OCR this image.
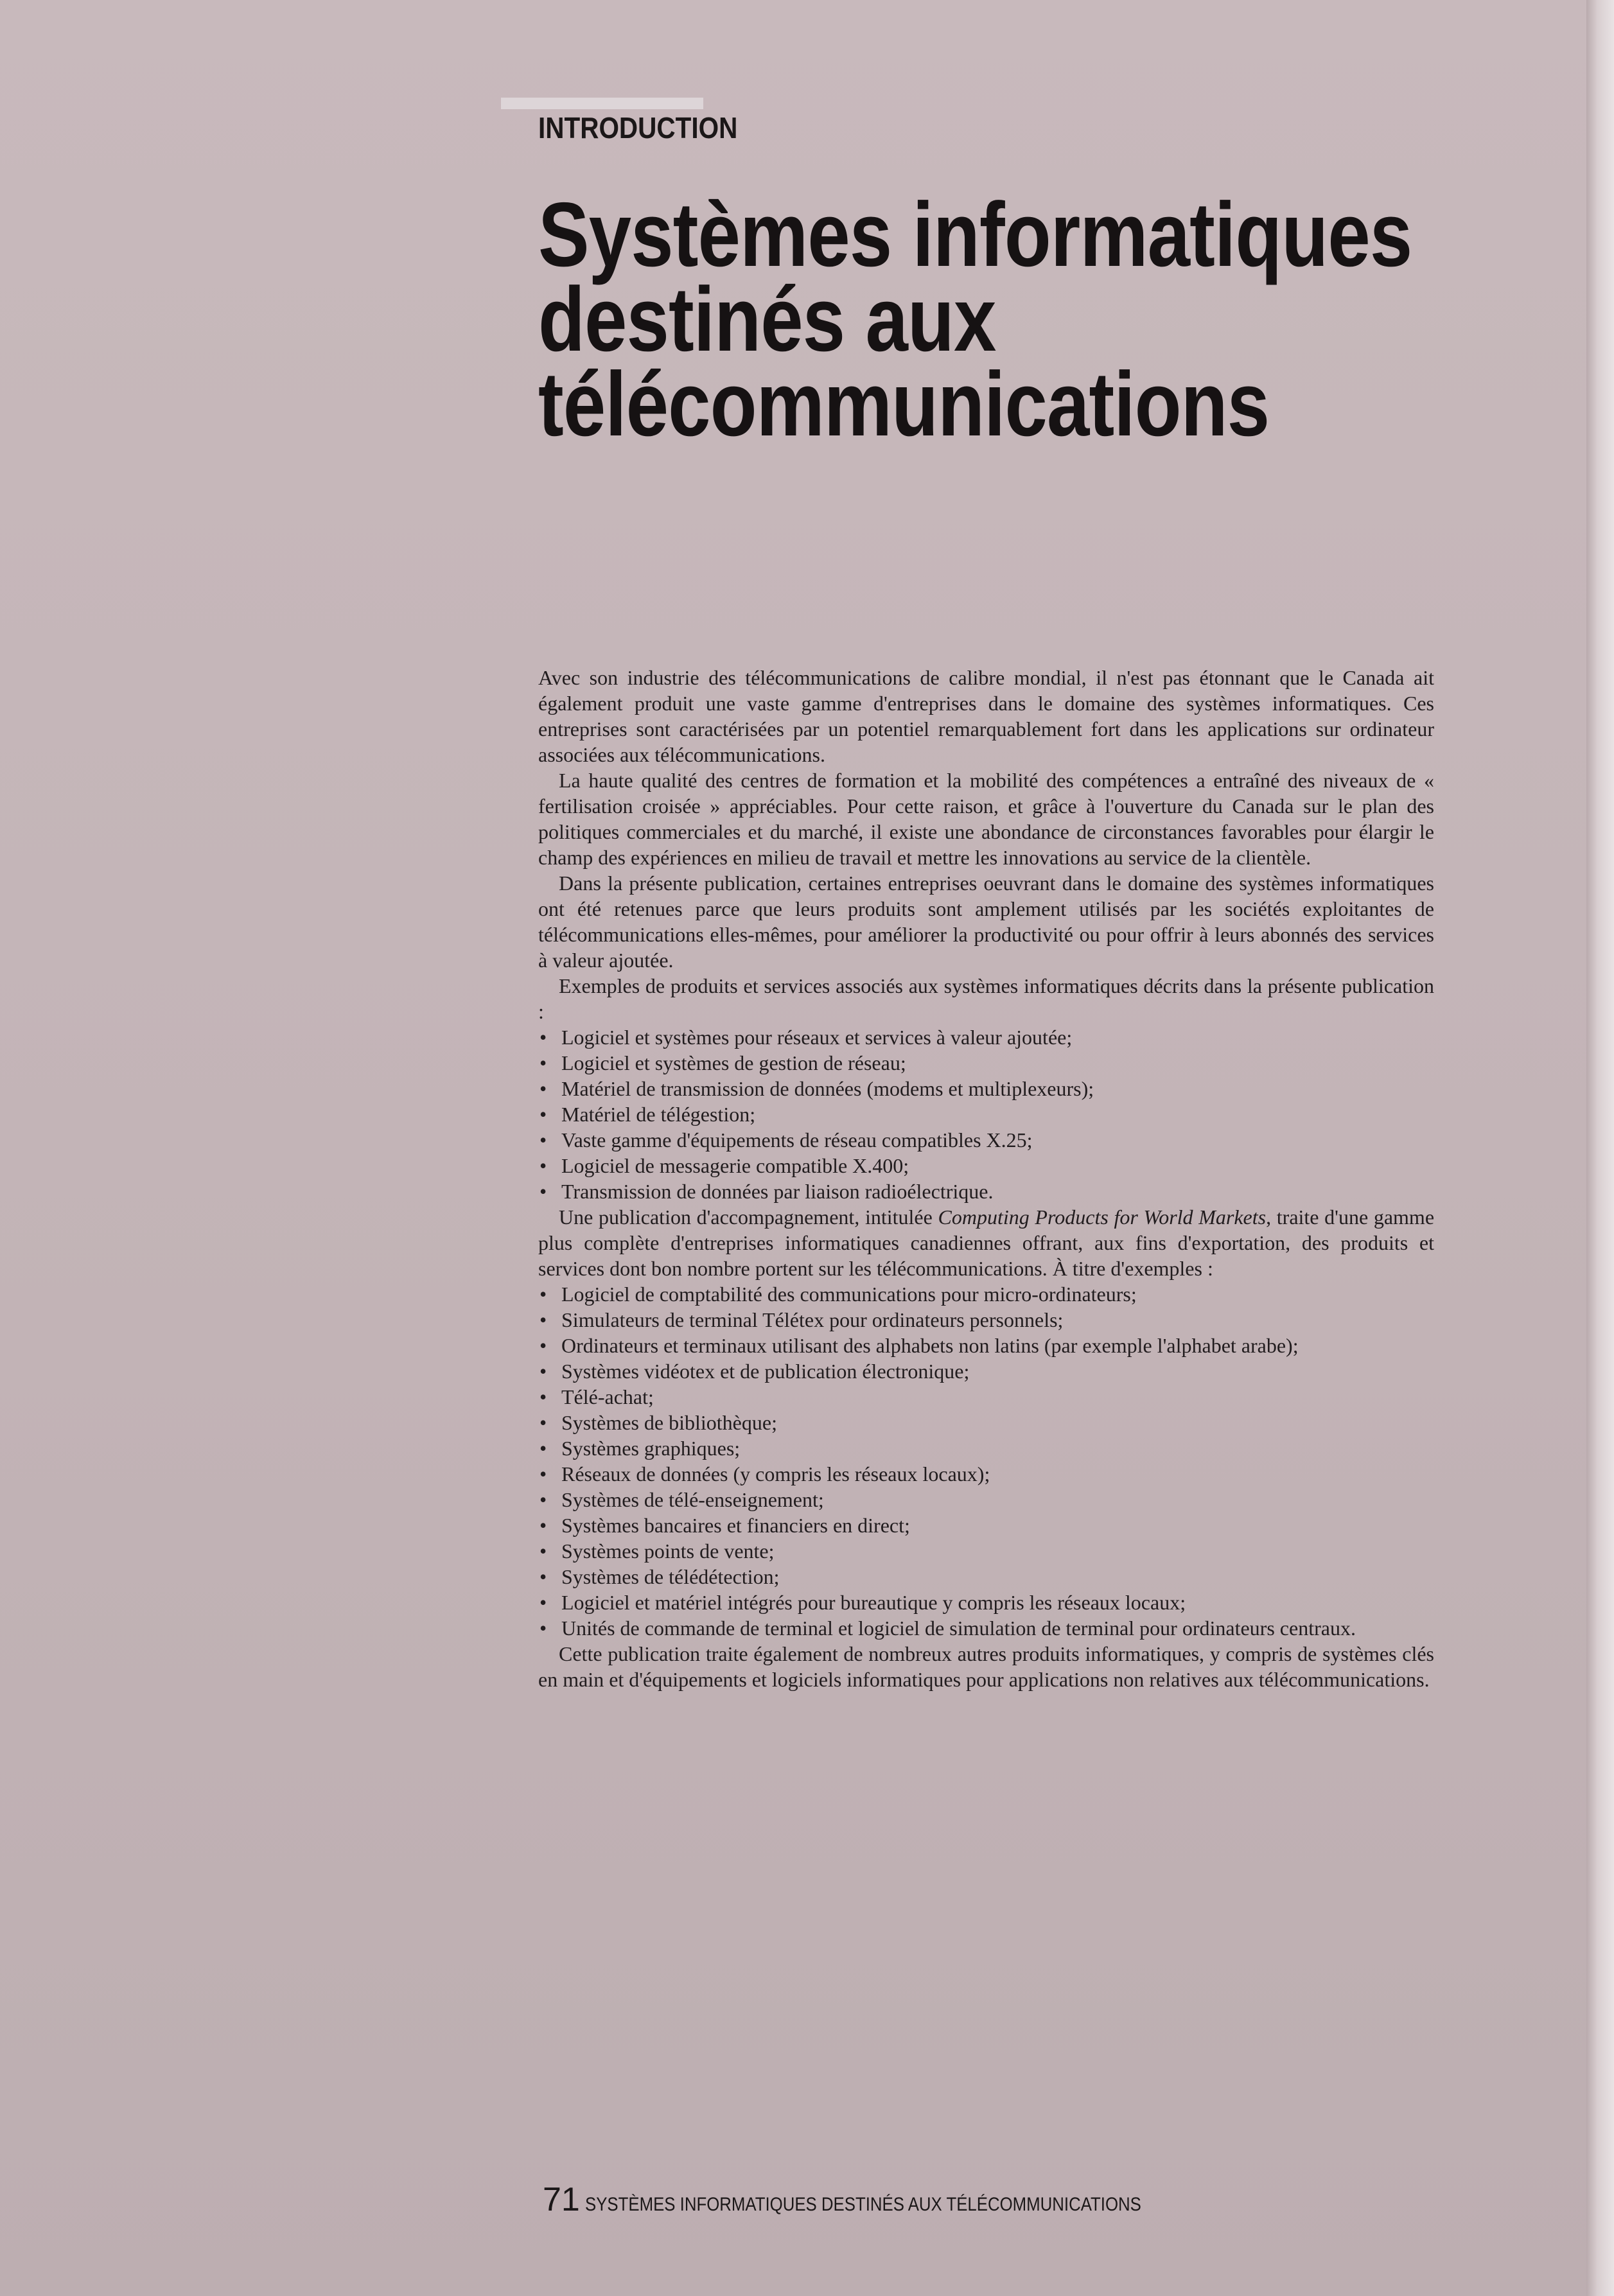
INTRODUCTION
Systèmes informatiques
destinés aux
télécommunications

Avec son industrie des télécommunications de calibre mondial, il n'est pas étonnant que le Canada ait également produit une vaste gamme d'entreprises dans le domaine des systèmes informatiques. Ces entreprises sont caractérisées par un potentiel remarquablement fort dans les applications sur ordinateur associées aux télécommunications.

La haute qualité des centres de formation et la mobilité des compétences a entraîné des niveaux de « fertilisation croisée » appréciables. Pour cette raison, et grâce à l'ouverture du Canada sur le plan des politiques commerciales et du marché, il existe une abondance de circonstances favorables pour élargir le champ des expériences en milieu de travail et mettre les innovations au service de la clientèle.

Dans la présente publication, certaines entreprises oeuvrant dans le domaine des systèmes informatiques ont été retenues parce que leurs produits sont amplement utilisés par les sociétés exploitantes de télécommunications elles-mêmes, pour améliorer la productivité ou pour offrir à leurs abonnés des services à valeur ajoutée.

Exemples de produits et services associés aux systèmes informatiques décrits dans la présente publication :

• Logiciel et systèmes pour réseaux et services à valeur ajoutée;
• Logiciel et systèmes de gestion de réseau;
• Matériel de transmission de données (modems et multiplexeurs);
• Matériel de télégestion;
• Vaste gamme d'équipements de réseau compatibles X.25;
• Logiciel de messagerie compatible X.400;
• Transmission de données par liaison radioélectrique.

Une publication d'accompagnement, intitulée Computing Products for World Markets, traite d'une gamme plus complète d'entreprises informatiques canadiennes offrant, aux fins d'exportation, des produits et services dont bon nombre portent sur les télécommunications. À titre d'exemples :

• Logiciel de comptabilité des communications pour micro-ordinateurs;
• Simulateurs de terminal Télétex pour ordinateurs personnels;
• Ordinateurs et terminaux utilisant des alphabets non latins (par exemple l'alphabet arabe);
• Systèmes vidéotex et de publication électronique;
• Télé-achat;
• Systèmes de bibliothèque;
• Systèmes graphiques;
• Réseaux de données (y compris les réseaux locaux);
• Systèmes de télé-enseignement;
• Systèmes bancaires et financiers en direct;
• Systèmes points de vente;
• Systèmes de télédétection;
• Logiciel et matériel intégrés pour bureautique y compris les réseaux locaux;
• Unités de commande de terminal et logiciel de simulation de terminal pour ordinateurs centraux.

Cette publication traite également de nombreux autres produits informatiques, y compris de systèmes clés en main et d'équipements et logiciels informatiques pour applications non relatives aux télécommunications.

71 SYSTÈMES INFORMATIQUES DESTINÉS AUX TÉLÉCOMMUNICATIONS
